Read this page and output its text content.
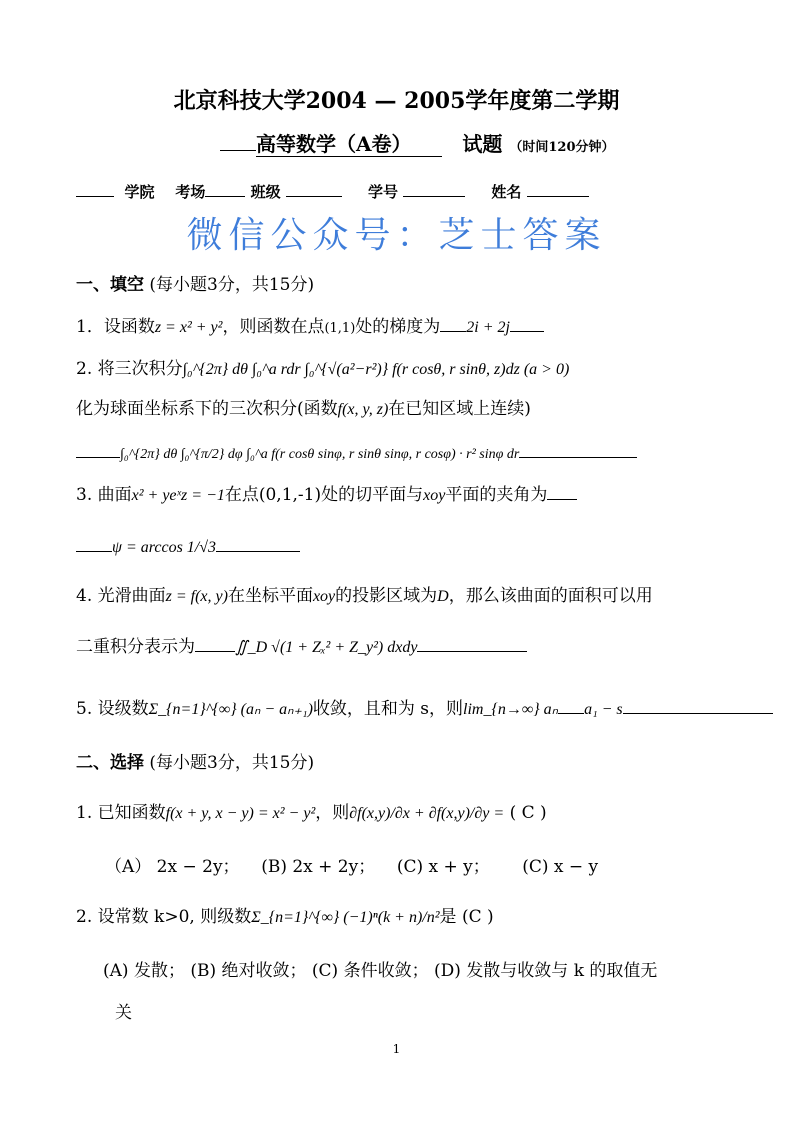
北京科技大学2004 — 2005学年度第二学期
高等数学（A卷）	试题 （时间120分钟）
学院 考场	班级	学号	姓名
微信公众号：芝士答案
一、填空 (每小题3分，共15分)
1．设函数z = x² + y²，则函数在点(1,1)处的梯度为 2i + 2j
2. 将三次积分∫₀^{2π} dθ ∫₀^a rdr ∫₀^{√(a²−r²)} f(r cosθ, r sinθ, z)dz (a > 0)
化为球面坐标系下的三次积分(函数f(x, y, z)在已知区域上连续)
∫₀^{2π} dθ ∫₀^{π/2} dφ ∫₀^a f(r cosθ sinφ, r sinθ sinφ, r cosφ) · r² sinφ dr
3. 曲面x² + yeˣz = −1在点(0,1,-1)处的切平面与xoy平面的夹角为
ψ = arccos 1/√3
4. 光滑曲面z = f(x, y)在坐标平面xoy的投影区域为D，那么该曲面的面积可以用
二重积分表示为	∬_D √(1 + Zₓ² + Z_y²) dxdy
5. 设级数Σ_{n=1}^{∞} (aₙ − aₙ₊₁)收敛，且和为 s，则lim_{n→∞} aₙ a₁ − s
二、选择 (每小题3分，共15分)
1. 已知函数f(x + y, x − y) = x² − y²，则∂f(x,y)/∂x + ∂f(x,y)/∂y = ( C )
（A） 2x − 2y； (B) 2x + 2y； (C) x + y； (C) x − y
2. 设常数 k>0, 则级数Σ_{n=1}^{∞} (−1)ⁿ(k + n)/n²是 (C )
(A) 发散； (B) 绝对收敛； (C) 条件收敛； (D) 发散与收敛与 k 的取值无
关
1
